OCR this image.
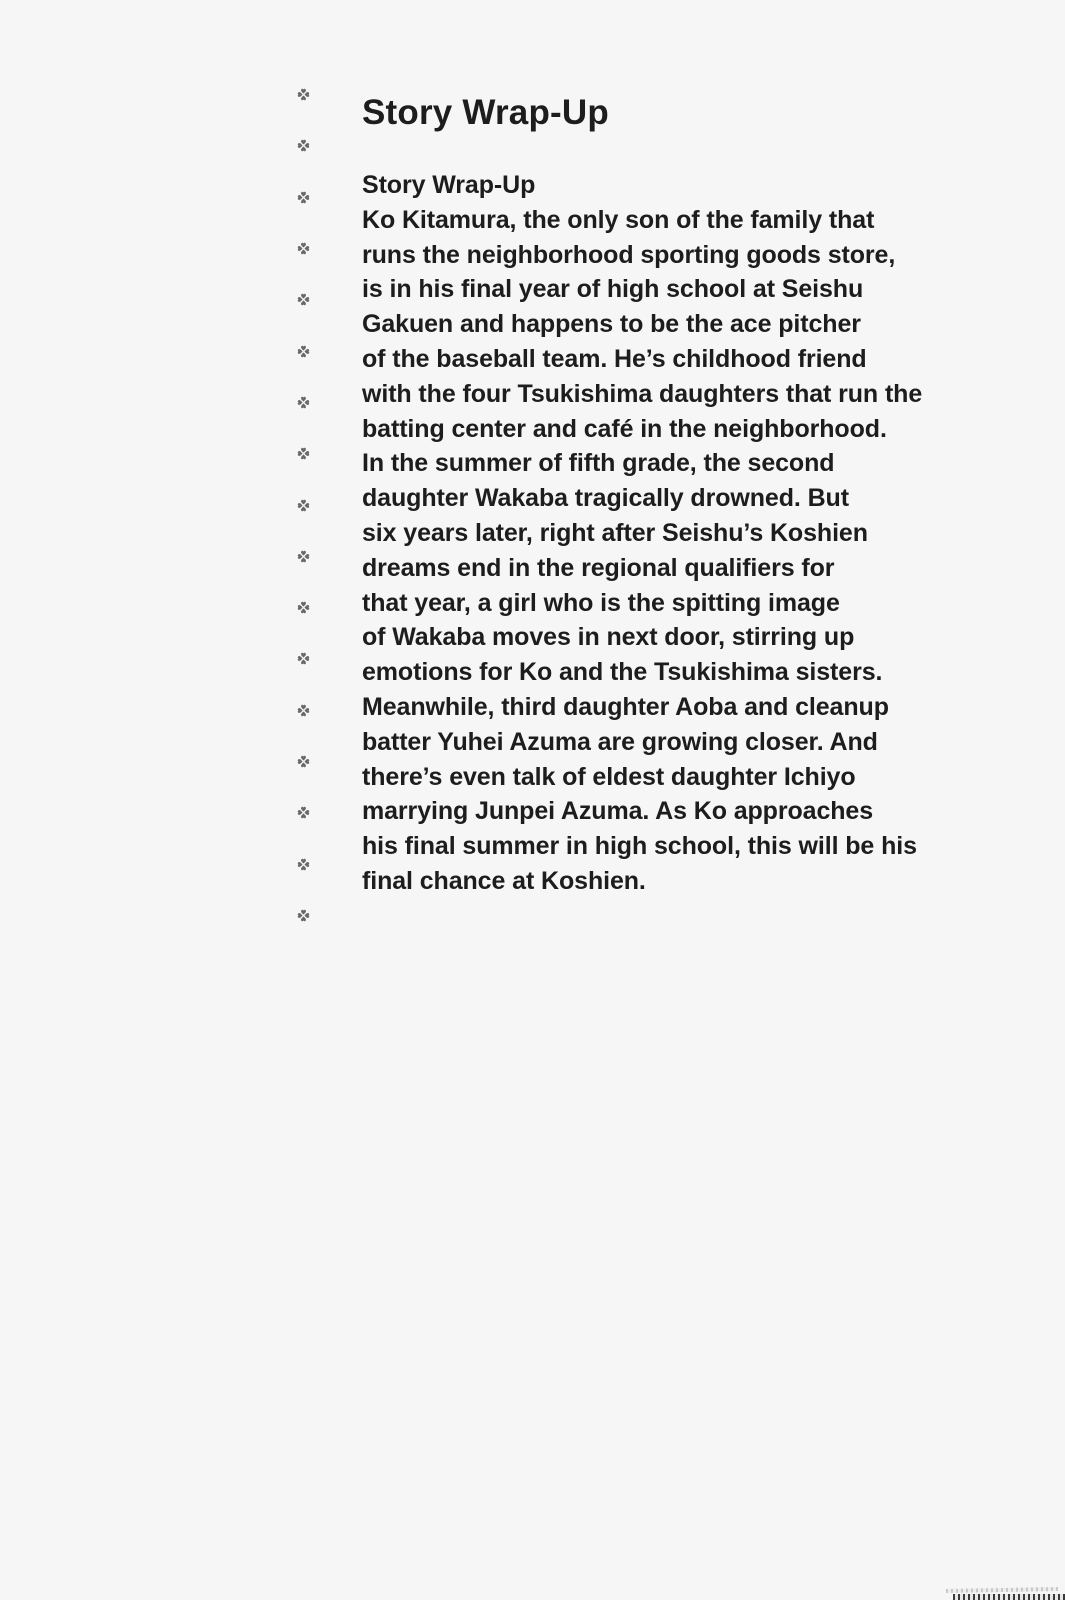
Story Wrap-Up
Story Wrap-Up
Ko Kitamura, the only son of the family that
runs the neighborhood sporting goods store,
is in his final year of high school at Seishu
Gakuen and happens to be the ace pitcher
of the baseball team. He’s childhood friend
with the four Tsukishima daughters that run the
batting center and café in the neighborhood.
In the summer of fifth grade, the second
daughter Wakaba tragically drowned. But
six years later, right after Seishu’s Koshien
dreams end in the regional qualifiers for
that year, a girl who is the spitting image
of Wakaba moves in next door, stirring up
emotions for Ko and the Tsukishima sisters.
Meanwhile, third daughter Aoba and cleanup
batter Yuhei Azuma are growing closer. And
there’s even talk of eldest daughter Ichiyo
marrying Junpei Azuma. As Ko approaches
his final summer in high school, this will be his
final chance at Koshien.
